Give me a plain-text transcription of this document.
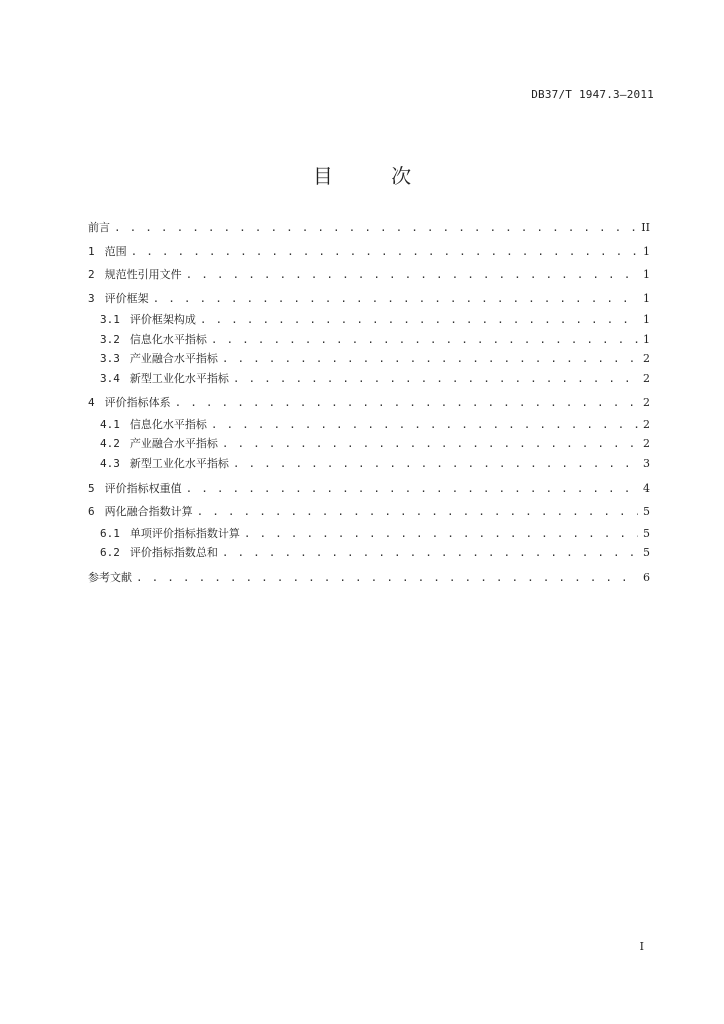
DB37/T 1947.3—2011
目 次
前言 . . .	II
1 范围 . . .	1
2 规范性引用文件 . . .	1
3 评价框架 . . .	1
3.1 评价框架构成 . . .	1
3.2 信息化水平指标 . . .	1
3.3 产业融合水平指标 . . .	2
3.4 新型工业化水平指标 . . .	2
4 评价指标体系 . . .	2
4.1 信息化水平指标 . . .	2
4.2 产业融合水平指标 . . .	2
4.3 新型工业化水平指标 . . .	3
5 评价指标权重值 . . .	4
6 两化融合指数计算 . . .	5
6.1 单项评价指标指数计算 . . .	5
6.2 评价指标指数总和 . . .	5
参考文献 . . .	6
I
